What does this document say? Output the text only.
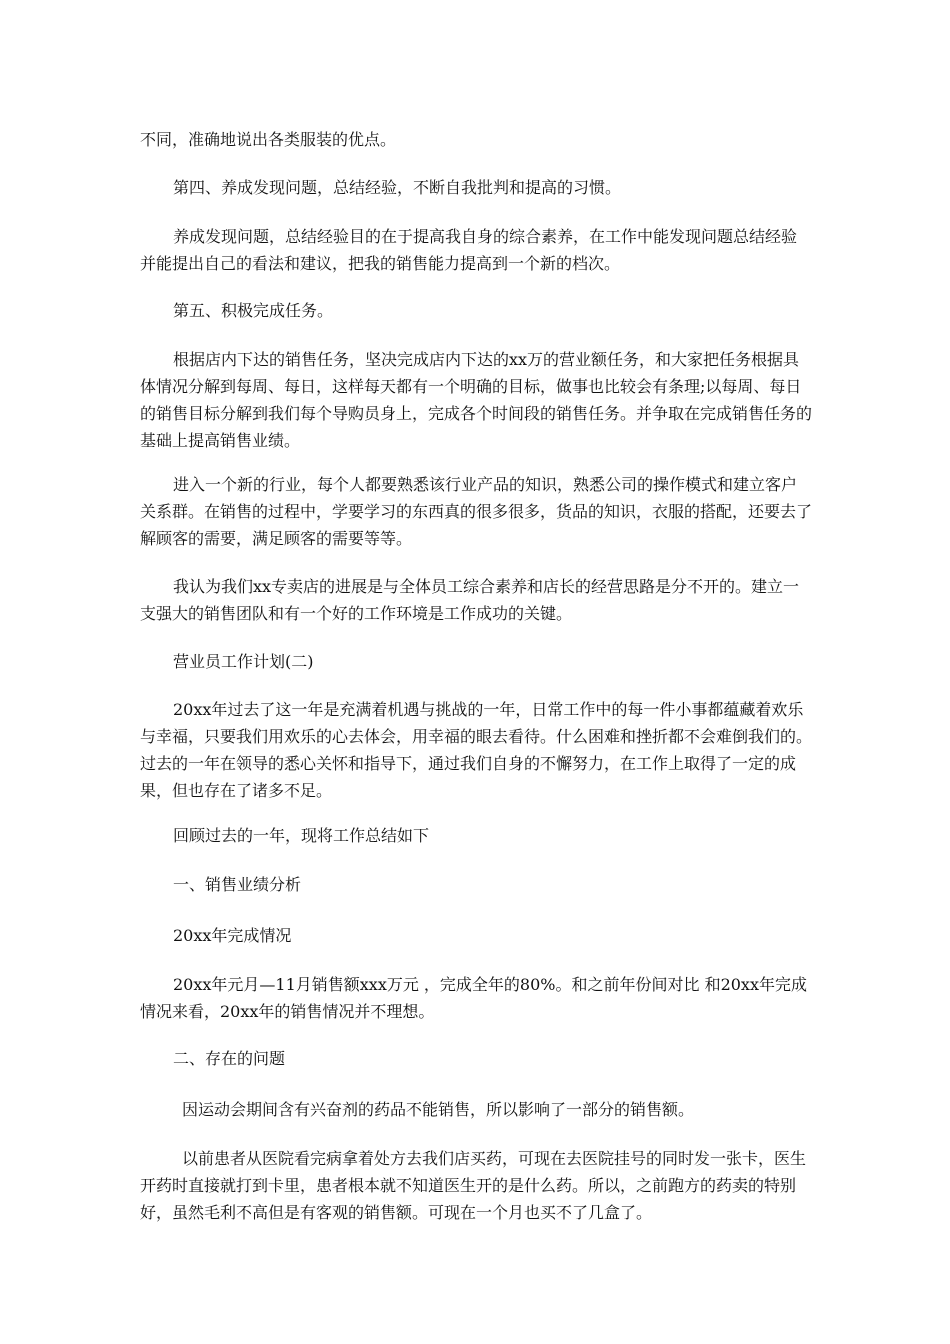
不同，准确地说出各类服装的优点。

第四、养成发现问题，总结经验，不断自我批判和提高的习惯。

养成发现问题，总结经验目的在于提高我自身的综合素养，在工作中能发现问题总结经验并能提出自己的看法和建议，把我的销售能力提高到一个新的档次。

第五、积极完成任务。

根据店内下达的销售任务，坚决完成店内下达的xx万的营业额任务，和大家把任务根据具体情况分解到每周、每日，这样每天都有一个明确的目标，做事也比较会有条理;以每周、每日的销售目标分解到我们每个导购员身上，完成各个时间段的销售任务。并争取在完成销售任务的基础上提高销售业绩。

进入一个新的行业，每个人都要熟悉该行业产品的知识，熟悉公司的操作模式和建立客户关系群。在销售的过程中，学要学习的东西真的很多很多，货品的知识，衣服的搭配，还要去了解顾客的需要，满足顾客的需要等等。

我认为我们xx专卖店的进展是与全体员工综合素养和店长的经营思路是分不开的。建立一支强大的销售团队和有一个好的工作环境是工作成功的关键。

营业员工作计划(二)

20xx年过去了这一年是充满着机遇与挑战的一年，日常工作中的每一件小事都蕴藏着欢乐与幸福，只要我们用欢乐的心去体会，用幸福的眼去看待。什么困难和挫折都不会难倒我们的。过去的一年在领导的悉心关怀和指导下，通过我们自身的不懈努力，在工作上取得了一定的成果，但也存在了诸多不足。

回顾过去的一年，现将工作总结如下

一、销售业绩分析

20xx年完成情况

20xx年元月—11月销售额xxx万元 ，完成全年的80%。和之前年份间对比 和20xx年完成情况来看，20xx年的销售情况并不理想。

二、存在的问题

因运动会期间含有兴奋剂的药品不能销售，所以影响了一部分的销售额。

以前患者从医院看完病拿着处方去我们店买药，可现在去医院挂号的同时发一张卡，医生开药时直接就打到卡里，患者根本就不知道医生开的是什么药。所以，之前跑方的药卖的特别好，虽然毛利不高但是有客观的销售额。可现在一个月也买不了几盒了。
